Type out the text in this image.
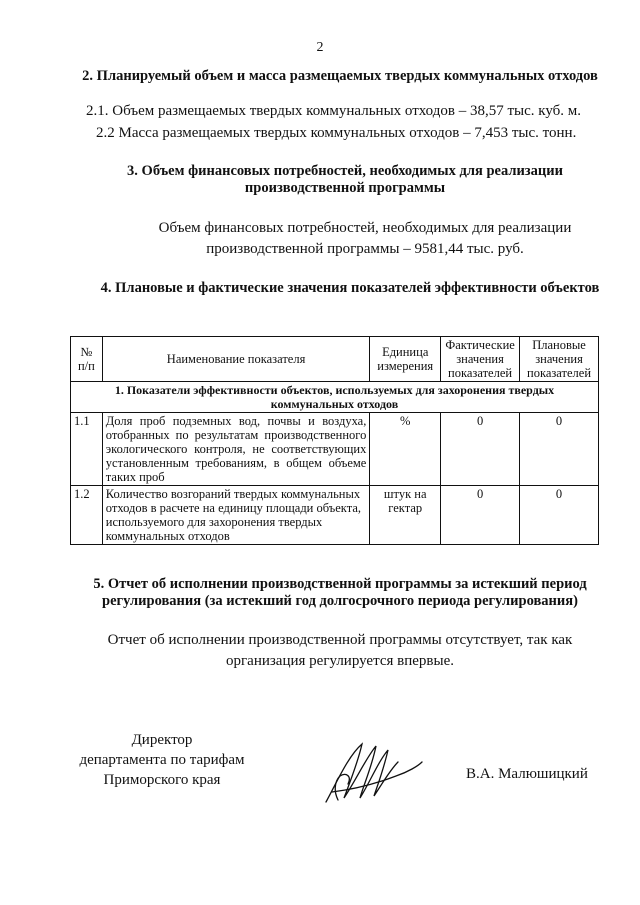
2
2. Планируемый объем и масса размещаемых твердых коммунальных отходов
2.1. Объем размещаемых твердых коммунальных отходов – 38,57 тыс. куб. м.
2.2 Масса размещаемых твердых коммунальных отходов – 7,453 тыс. тонн.
3. Объем финансовых потребностей, необходимых для реализации производственной программы
Объем финансовых потребностей, необходимых для реализации производственной программы – 9581,44 тыс. руб.
4. Плановые и фактические значения показателей эффективности объектов
№ п/п	Наименование показателя	Единица измерения	Фактические значения показателей	Плановые значения показателей
1. Показатели эффективности объектов, используемых для захоронения твердых коммунальных отходов				
1.1	Доля проб подземных вод, почвы и воздуха, отобранных по результатам производственного экологического контроля, не соответствующих установленным требованиям, в общем объеме таких проб	%	0	0
1.2	Количество возгораний твердых коммунальных отходов в расчете на единицу площади объекта, используемого для захоронения твердых коммунальных отходов	штук на гектар	0	0
5. Отчет об исполнении производственной программы за истекший период регулирования (за истекший год долгосрочного периода регулирования)
Отчет об исполнении производственной программы отсутствует, так как организация регулируется впервые.
Директор
департамента по тарифам
Приморского края	В.А. Малюшицкий
